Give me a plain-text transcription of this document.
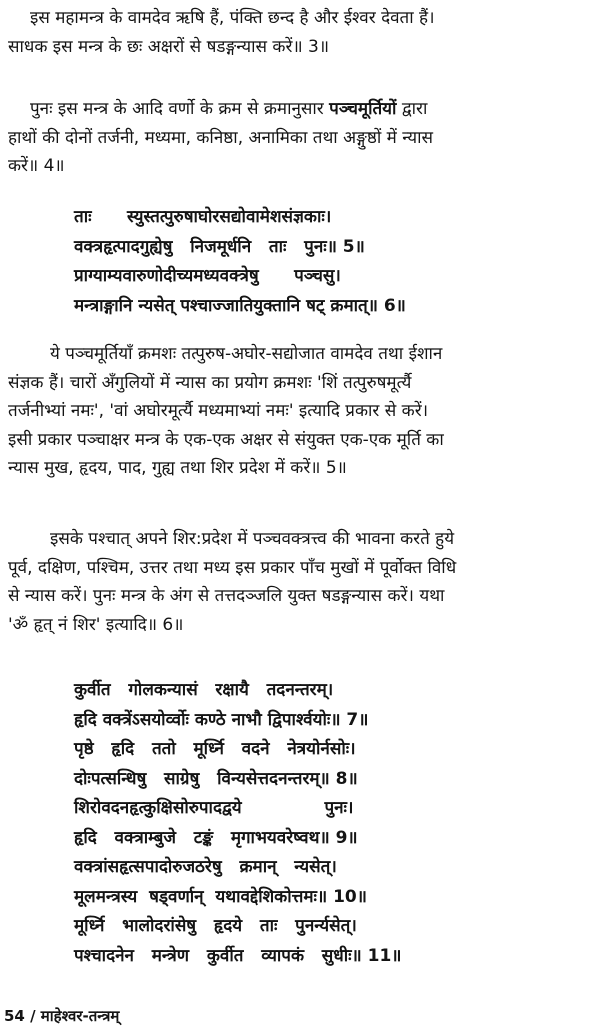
इस महामन्त्र के वामदेव ऋषि हैं, पंक्ति छन्द है और ईश्वर देवता हैं।
साधक इस मन्त्र के छः अक्षरों से षडङ्गन्यास करें॥ 3॥
पुनः इस मन्त्र के आदि वर्णो के क्रम से क्रमानुसार पञ्चमूर्तियों द्वारा
हाथों की दोनों तर्जनी, मध्यमा, कनिष्ठा, अनामिका तथा अङ्गुष्ठों में न्यास
करें॥ 4॥
ताः      स्युस्तत्पुरुषाघोरसद्योवामेशसंज्ञकाः।
वक्त्रहृत्पादगुह्येषु   निजमूर्धनि   ताः   पुनः॥ 5॥
प्राग्याम्यवारुणोदीच्यमध्यवक्त्रेषु      पञ्चसु।
मन्त्राङ्गानि न्यसेत् पश्चाज्जातियुक्तानि षट् क्रमात्॥ 6॥
ये पञ्चमूर्तियाँ क्रमशः तत्पुरुष-अघोर-सद्योजात वामदेव तथा ईशान
संज्ञक हैं। चारों अँगुलियों में न्यास का प्रयोग क्रमशः 'शिं तत्पुरुषमूर्त्यै
तर्जनीभ्यां नमः', 'वां अघोरमूर्त्यै मध्यमाभ्यां नमः' इत्यादि प्रकार से करें।
इसी प्रकार पञ्चाक्षर मन्त्र के एक-एक अक्षर से संयुक्त एक-एक मूर्ति का
न्यास मुख, हृदय, पाद, गुह्य तथा शिर प्रदेश में करें॥ 5॥
इसके पश्चात् अपने शिर:प्रदेश में पञ्चवक्त्रत्त्व की भावना करते हुये
पूर्व, दक्षिण, पश्चिम, उत्तर तथा मध्य इस प्रकार पाँच मुखों में पूर्वोक्त विधि
से न्यास करें। पुनः मन्त्र के अंग से तत्तदञ्जलि युक्त षडङ्गन्यास करें। यथा
'ॐ हृत् नं शिर' इत्यादि॥ 6॥
कुर्वीत   गोलकन्यासं   रक्षायै   तदनन्तरम्।
हृदि वक्त्रेंऽसयोर्व्वोः कण्ठे नाभौ द्विपार्श्वयोः॥ 7॥
पृष्ठे   हृदि   ततो   मूर्ध्नि   वदने   नेत्रयोर्नसोः।
दोःपत्सन्धिषु   साग्रेषु   विन्यसेत्तदनन्तरम्॥ 8॥
शिरोवदनहृत्कुक्षिसोरुपादद्वये              पुनः।
हृदि   वक्त्राम्बुजे   टङ्कं   मृगाभयवरेष्वथ॥ 9॥
वक्त्रांसहृत्सपादोरुजठरेषु   क्रमान्   न्यसेत्।
मूलमन्त्रस्य  षड्वर्णान्  यथावद्देशिकोत्तमः॥ 10॥
मूर्ध्नि   भालोदरांसेषु   हृदये   ताः   पुनर्न्यसेत्।
पश्चादनेन   मन्त्रेण   कुर्वीत   व्यापकं   सुधीः॥ 11॥
54 / माहेश्वर-तन्त्रम्
